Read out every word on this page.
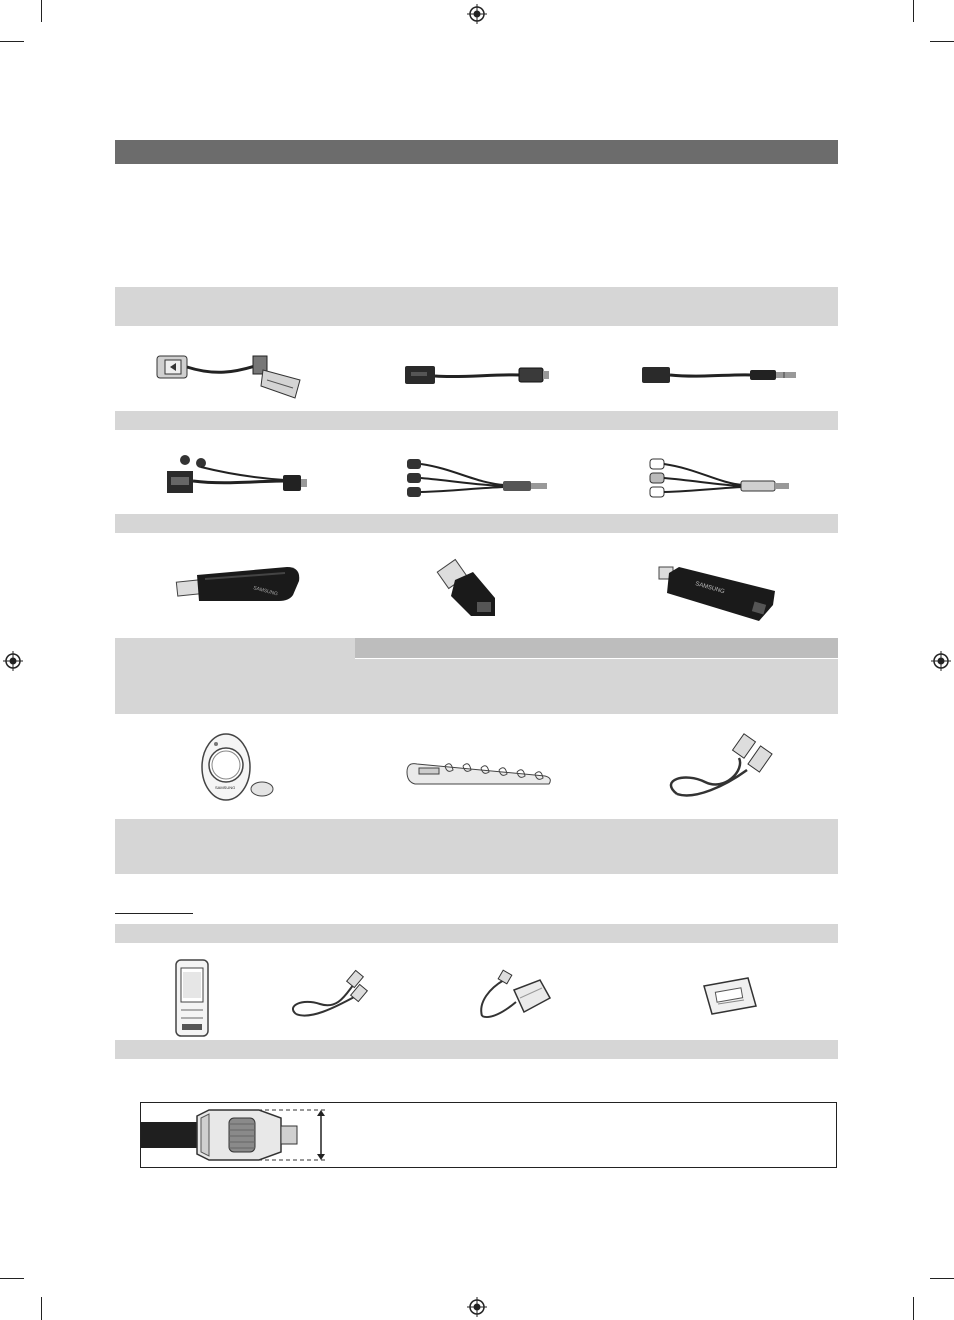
SAMSUNG	SAMSUNG
SAMSUNG
